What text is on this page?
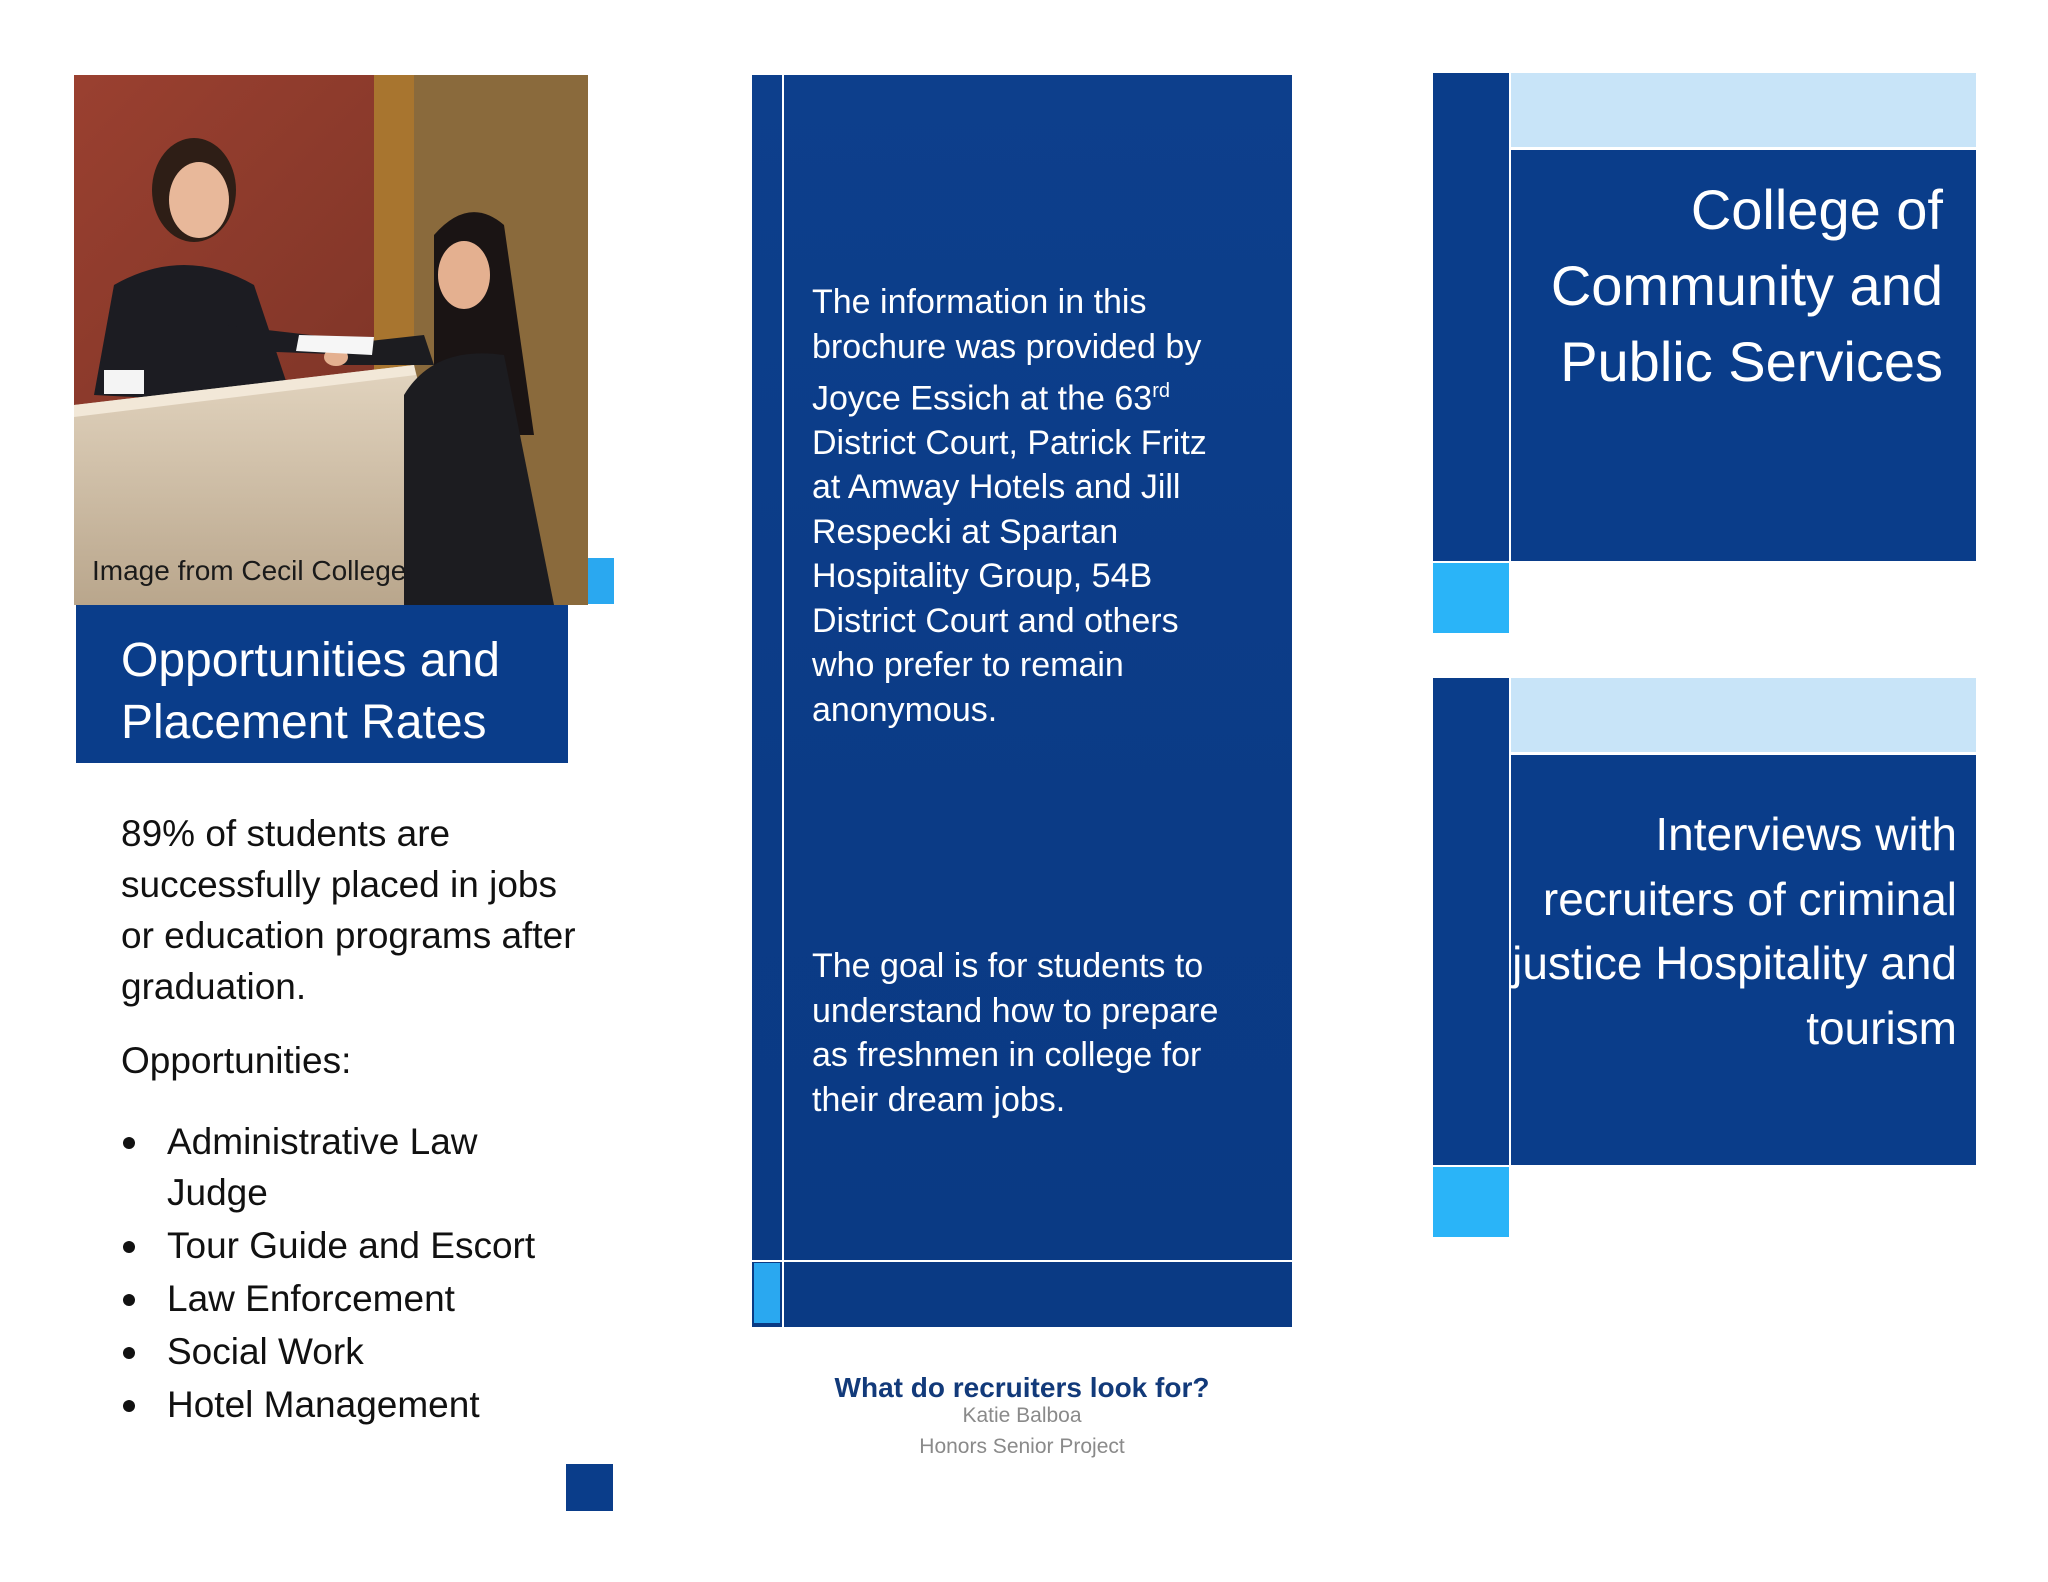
Image from Cecil College
Opportunities and
Placement Rates

89% of students are successfully placed in jobs or education programs after graduation.

Opportunities:
Administrative Law Judge
Tour Guide and Escort
Law Enforcement
Social Work
Hotel Management
The information in this brochure was provided by Joyce Essich at the 63rd District Court, Patrick Fritz at Amway Hotels and Jill Respecki at Spartan Hospitality Group, 54B District Court and others who prefer to remain anonymous.
The goal is for students to understand how to prepare as freshmen in college for their dream jobs.
What do recruiters look for?
Katie Balboa
Honors Senior Project
College of Community and Public Services
Interviews with recruiters of criminal justice Hospitality and tourism
